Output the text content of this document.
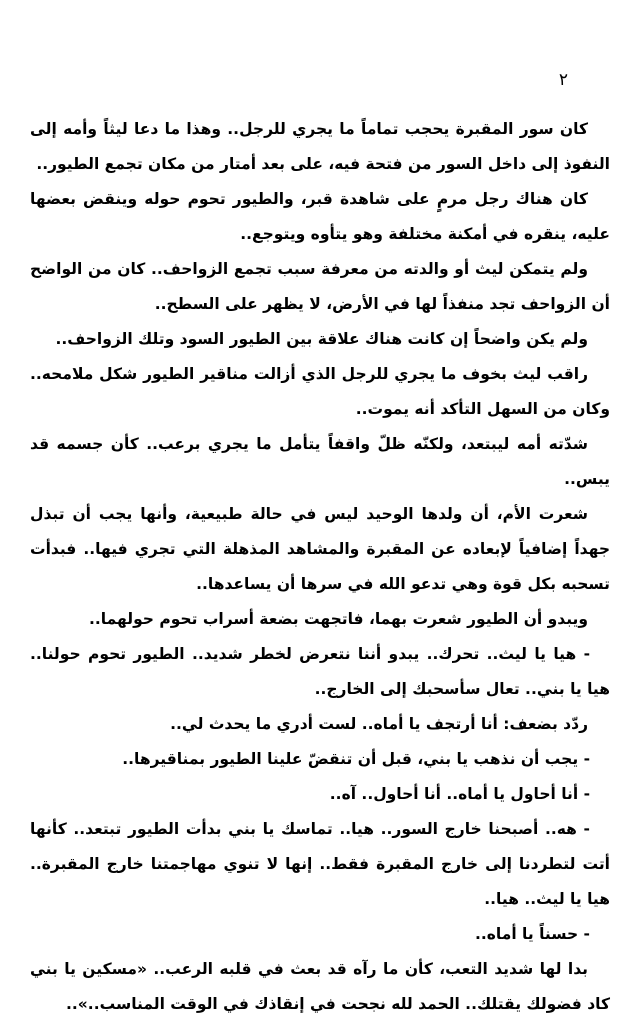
٢

كان سور المقبرة يحجب تماماً ما يجري للرجل.. وهذا ما دعا ليثاً وأمه إلى النفوذ إلى داخل السور من فتحة فيه، على بعد أمتار من مكان تجمع الطيور..

كان هناك رجل مرمٍ على شاهدة قبر، والطيور تحوم حوله وينقض بعضها عليه، ينقره في أمكنة مختلفة وهو يتأوه ويتوجع..

ولم يتمكن ليث أو والدته من معرفة سبب تجمع الزواحف.. كان من الواضح أن الزواحف تجد منفذاً لها في الأرض، لا يظهر على السطح..

ولم يكن واضحاً إن كانت هناك علاقة بين الطيور السود وتلك الزواحف..

راقب ليث بخوف ما يجري للرجل الذي أزالت مناقير الطيور شكل ملامحه.. وكان من السهل التأكد أنه يموت..

شدّته أمه ليبتعد، ولكنّه ظلّ واقفاً يتأمل ما يجري برعب.. كأن جسمه قد يبس..

شعرت الأم، أن ولدها الوحيد ليس في حالة طبيعية، وأنها يجب أن تبذل جهداً إضافياً لإبعاده عن المقبرة والمشاهد المذهلة التي تجري فيها.. فبدأت تسحبه بكل قوة وهي تدعو الله في سرها أن يساعدها..

ويبدو أن الطيور شعرت بهما، فاتجهت بضعة أسراب تحوم حولهما..

- هيا يا ليث.. تحرك.. يبدو أننا نتعرض لخطر شديد.. الطيور تحوم حولنا.. هيا يا بني.. تعال سأسحبك إلى الخارج..

ردّد بضعف: أنا أرتجف يا أماه.. لست أدري ما يحدث لي..

- يجب أن نذهب يا بني، قبل أن تنقضّ علينا الطيور بمناقيرها..

- أنا أحاول يا أماه.. أنا أحاول.. آه..

- هه.. أصبحنا خارج السور.. هيا.. تماسك يا بني بدأت الطيور تبتعد.. كأنها أتت لتطردنا إلى خارج المقبرة فقط.. إنها لا تنوي مهاجمتنا خارج المقبرة.. هيا يا ليث.. هيا..

- حسناً يا أماه..

بدا لها شديد التعب، كأن ما رآه قد بعث في قلبه الرعب.. «مسكين يا بني كاد فضولك يقتلك.. الحمد لله نجحت في إنقاذك في الوقت المناسب..»..
